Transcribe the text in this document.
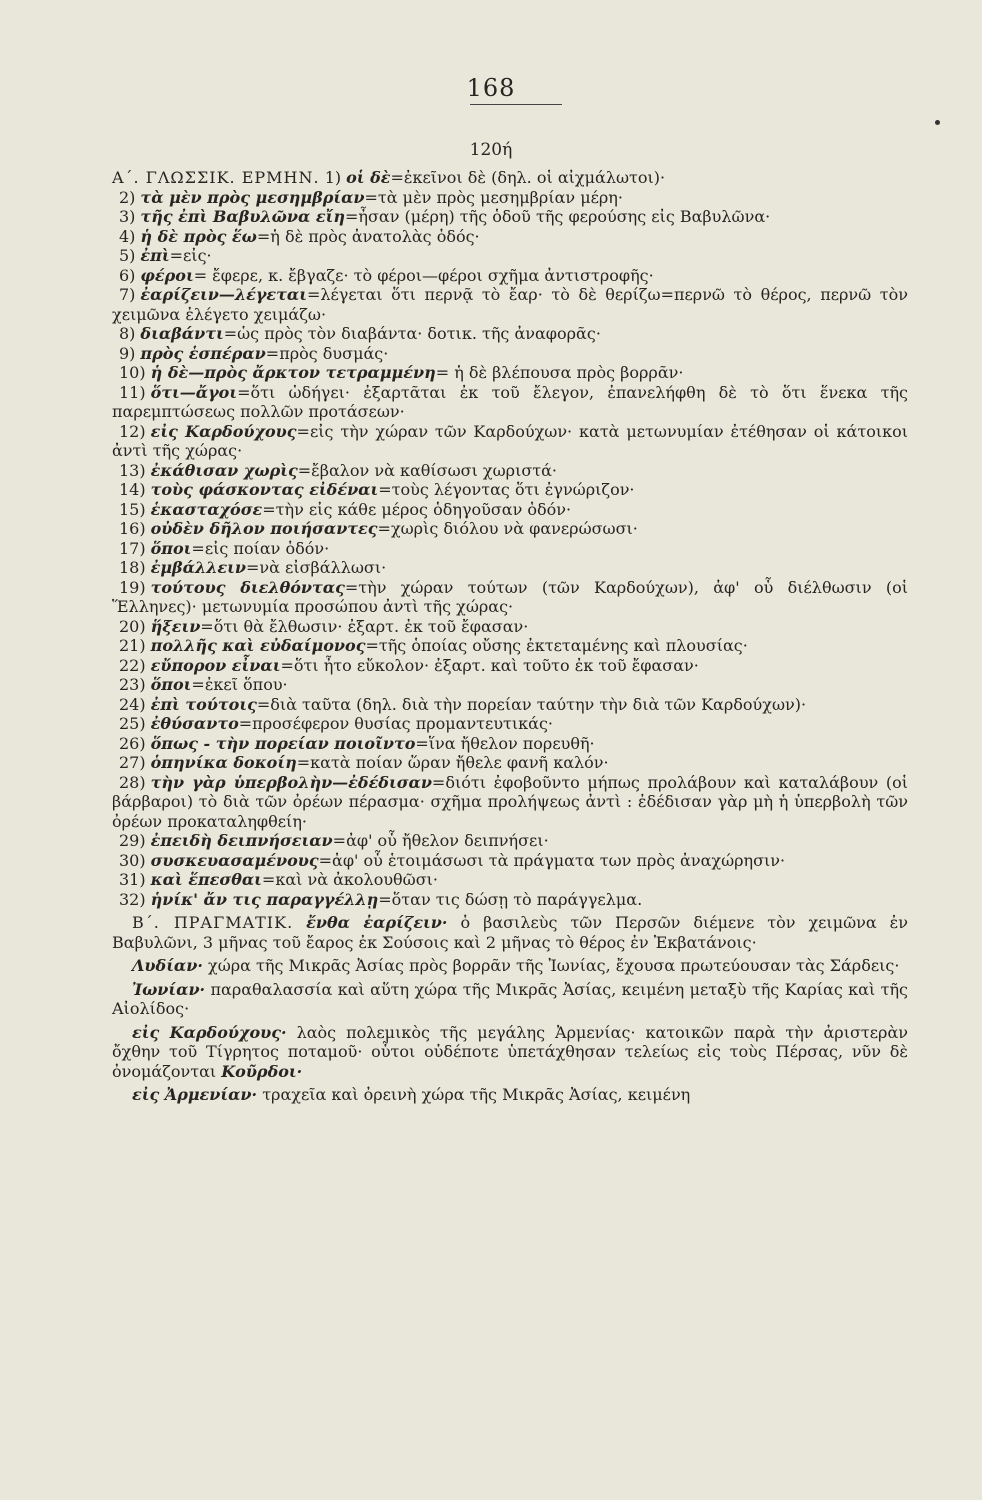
168
120ή

Α΄. ΓΛΩΣΣΙΚ. ΕΡΜΗΝ. 1) οἱ δὲ=ἐκεῖνοι δὲ (δηλ. οἱ αἰχμάλωτοι)·

2) τὰ μὲν πρὸς μεσημβρίαν=τὰ μὲν πρὸς μεσημβρίαν μέρη·

3) τῆς ἐπὶ Βαβυλῶνα εἴη=ἦσαν (μέρη) τῆς ὁδοῦ τῆς φερούσης εἰς Βαβυλῶνα·

4) ἡ δὲ πρὸς ἕω=ἡ δὲ πρὸς ἀνατολὰς ὁδός·

5) ἐπὶ=εἰς·

6) φέροι= ἔφερε, κ. ἔβγαζε· τὸ φέροι—φέροι σχῆμα ἀντιστροφῆς·

7) ἐαρίζειν—λέγεται=λέγεται ὅτι περνᾷ τὸ ἔαρ· τὸ δὲ θερίζω=περνῶ τὸ θέρος, περνῶ τὸν χειμῶνα ἐλέγετο χειμάζω·

8) διαβάντι=ὡς πρὸς τὸν διαβάντα· δοτικ. τῆς ἀναφορᾶς·

9) πρὸς ἑσπέραν=πρὸς δυσμάς·

10) ἡ δὲ—πρὸς ἄρκτον τετραμμένη= ἡ δὲ βλέπουσα πρὸς βορρᾶν·

11) ὅτι—ἄγοι=ὅτι ὡδήγει· ἐξαρτᾶται ἐκ τοῦ ἔλεγον, ἐπανελήφθη δὲ τὸ ὅτι ἕνεκα τῆς παρεμπτώσεως πολλῶν προτάσεων·

12) εἰς Καρδούχους=εἰς τὴν χώραν τῶν Καρδούχων· κατὰ μετωνυμίαν ἐτέθησαν οἱ κάτοικοι ἀντὶ τῆς χώρας·

13) ἐκάθισαν χωρὶς=ἔβαλον νὰ καθίσωσι χωριστά·

14) τοὺς φάσκοντας εἰδέναι=τοὺς λέγοντας ὅτι ἐγνώριζον·

15) ἑκασταχόσε=τὴν εἰς κάθε μέρος ὁδηγοῦσαν ὁδόν·

16) οὐδὲν δῆλον ποιήσαντες=χωρὶς διόλου νὰ φανερώσωσι·

17) ὅποι=εἰς ποίαν ὁδόν·

18) ἐμβάλλειν=νὰ εἰσβάλλωσι·

19) τούτους διελθόντας=τὴν χώραν τούτων (τῶν Καρδούχων), ἀφ' οὗ διέλθωσιν (οἱ Ἕλληνες)· μετωνυμία προσώπου ἀντὶ τῆς χώρας·

20) ἥξειν=ὅτι θὰ ἔλθωσιν· ἐξαρτ. ἐκ τοῦ ἔφασαν·

21) πολλῆς καὶ εὐδαίμονος=τῆς ὁποίας οὔσης ἐκτεταμένης καὶ πλουσίας·

22) εὔπορον εἶναι=ὅτι ἦτο εὔκολον· ἐξαρτ. καὶ τοῦτο ἐκ τοῦ ἔφασαν·

23) ὅποι=ἐκεῖ ὅπου·

24) ἐπὶ τούτοις=διὰ ταῦτα (δηλ. διὰ τὴν πορείαν ταύτην τὴν διὰ τῶν Καρδούχων)·

25) ἐθύσαντο=προσέφερον θυσίας προμαντευτικάς·

26) ὅπως - τὴν πορείαν ποιοῖντο=ἵνα ἤθελον πορευθῆ·

27) ὁπηνίκα δοκοίη=κατὰ ποίαν ὥραν ἤθελε φανῆ καλόν·

28) τὴν γὰρ ὑπερβολὴν—ἐδέδισαν=διότι ἐφοβοῦντο μήπως προλάβουν καὶ καταλάβουν (οἱ βάρβαροι) τὸ διὰ τῶν ὀρέων πέρασμα· σχῆμα προλήψεως ἀντὶ : ἐδέδισαν γὰρ μὴ ἡ ὑπερβολὴ τῶν ὀρέων προκαταληφθείη·

29) ἐπειδὴ δειπνήσειαν=ἀφ' οὗ ἤθελον δειπνήσει·

30) συσκευασαμένους=ἀφ' οὗ ἑτοιμάσωσι τὰ πράγματα των πρὸς ἀναχώρησιν·

31) καὶ ἕπεσθαι=καὶ νὰ ἀκολουθῶσι·

32) ἡνίκ' ἄν τις παραγγέλλῃ=ὅταν τις δώσῃ τὸ παράγγελμα.

Β΄. ΠΡΑΓΜΑΤΙΚ. ἔνθα ἐαρίζειν· ὁ βασιλεὺς τῶν Περσῶν διέμενε τὸν χειμῶνα ἐν Βαβυλῶνι, 3 μῆνας τοῦ ἔαρος ἐκ Σούσοις καὶ 2 μῆνας τὸ θέρος ἐν Ἐκβατάνοις·

Λυδίαν· χώρα τῆς Μικρᾶς Ἀσίας πρὸς βορρᾶν τῆς Ἰωνίας, ἔχουσα πρωτεύουσαν τὰς Σάρδεις·

Ἰωνίαν· παραθαλασσία καὶ αὕτη χώρα τῆς Μικρᾶς Ἀσίας, κειμένη μεταξὺ τῆς Καρίας καὶ τῆς Αἰολίδος·

εἰς Καρδούχους· λαὸς πολεμικὸς τῆς μεγάλης Ἀρμενίας· κατοικῶν παρὰ τὴν ἀριστερὰν ὄχθην τοῦ Τίγρητος ποταμοῦ· οὗτοι οὐδέποτε ὑπετάχθησαν τελείως εἰς τοὺς Πέρσας, νῦν δὲ ὀνομάζονται Κοῦρδοι·

εἰς Ἀρμενίαν· τραχεῖα καὶ ὀρεινὴ χώρα τῆς Μικρᾶς Ἀσίας, κειμένη
